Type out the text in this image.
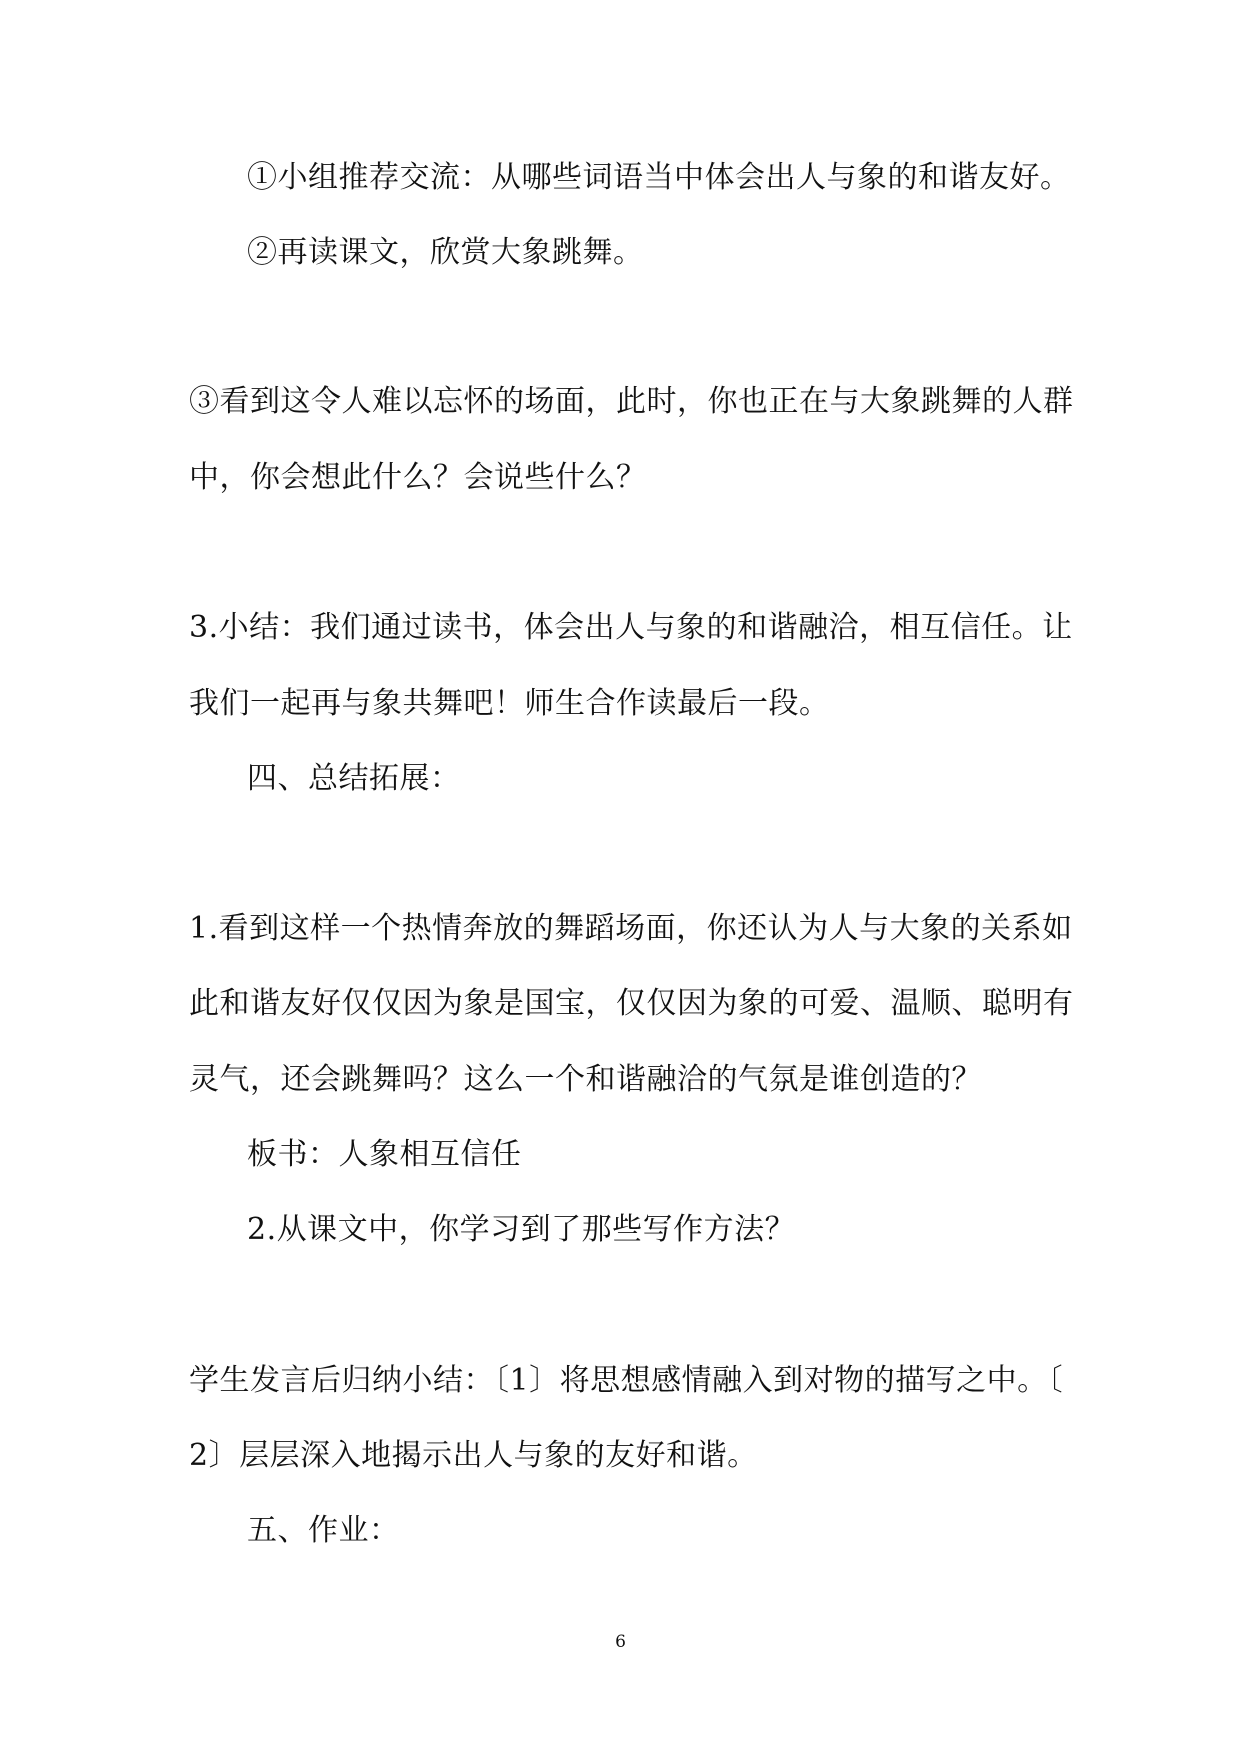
①小组推荐交流：从哪些词语当中体会出人与象的和谐友好。
②再读课文，欣赏大象跳舞。
③看到这令人难以忘怀的场面，此时，你也正在与大象跳舞的人群
中，你会想此什么？会说些什么？
3.小结：我们通过读书，体会出人与象的和谐融洽，相互信任。让
我们一起再与象共舞吧！师生合作读最后一段。
四、总结拓展：
1.看到这样一个热情奔放的舞蹈场面，你还认为人与大象的关系如
此和谐友好仅仅因为象是国宝，仅仅因为象的可爱、温顺、聪明有
灵气，还会跳舞吗？这么一个和谐融洽的气氛是谁创造的？
板书：人象相互信任
2.从课文中，你学习到了那些写作方法？
学生发言后归纳小结：〔1〕将思想感情融入到对物的描写之中。〔
2〕层层深入地揭示出人与象的友好和谐。
五、作业：
6
